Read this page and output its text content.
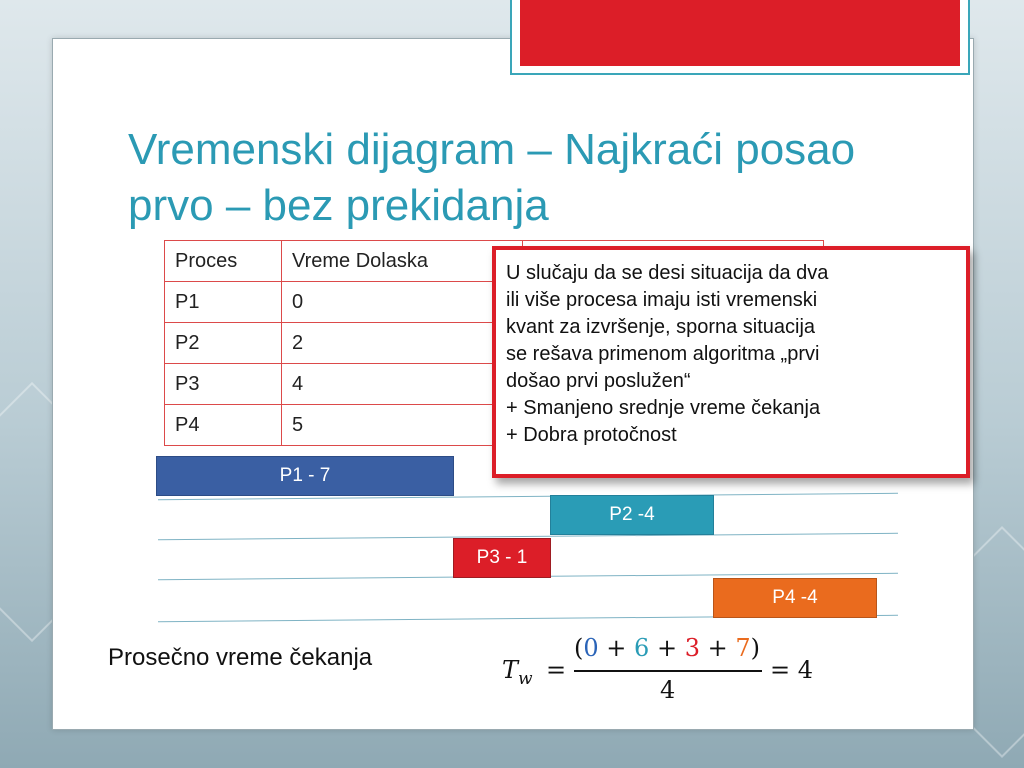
Vremenski dijagram – Najkraći posao prvo – bez prekidanja
Proces	Vreme Dolaska	
P1	0	
P2	2	
P3	4	
P4	5	
P1 - 7
P2 -4
P3 - 1
P4 -4
U slučaju da se desi situacija da dva
ili više procesa imaju isti vremenski
kvant za izvršenje, sporna situacija
se rešava primenom algoritma „prvi
došao prvi poslužen“
+ Smanjeno srednje vreme čekanja
+ Dobra protočnost
Prosečno vreme čekanja	$T_w$ =
(0 + 6 + 3 + 7)
4
= 4
